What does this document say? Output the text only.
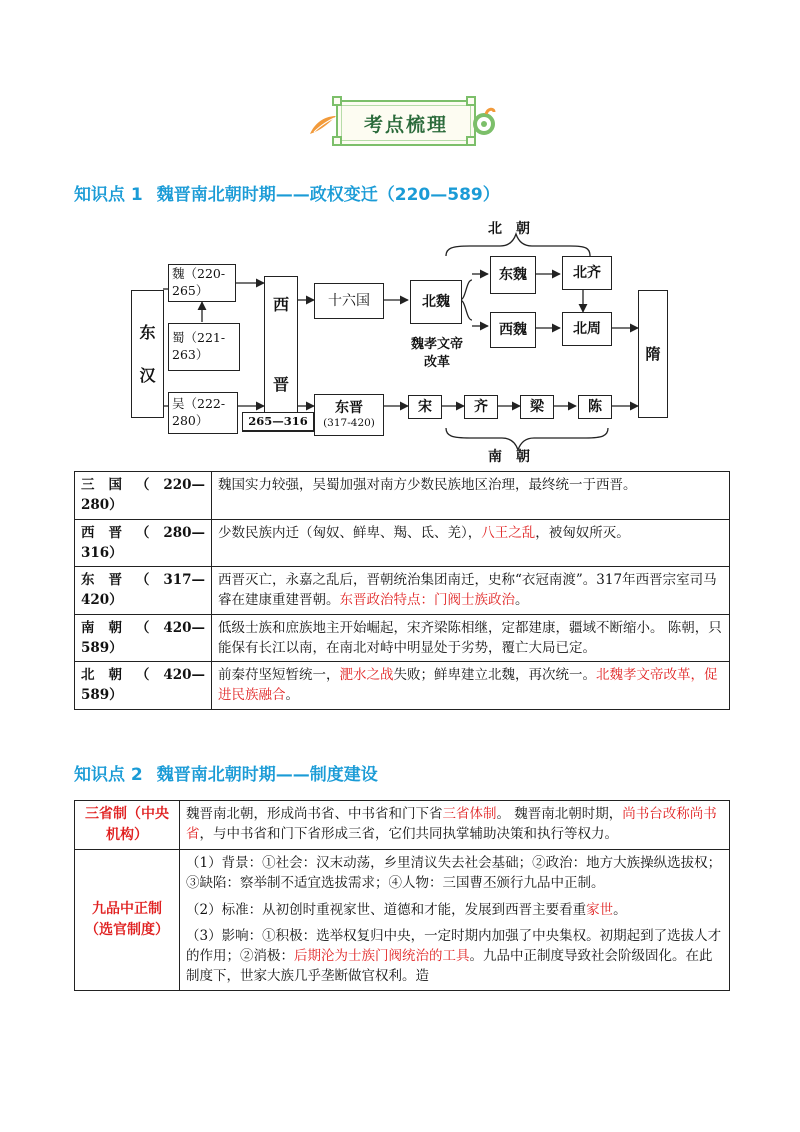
考点梳理
知识点 1 魏晋南北朝时期——政权变迁（220—589）
北朝
南朝
东

汉
魏（220-
265）
蜀（221-
263）
吴（222-
280）
西

晋
265—316
十六国	北魏
魏孝文帝
改革
东晋
(317-420)
东魏	北齐
西魏	北周
宋	齐	梁	陈
隋
三 国 （ 220—
280）	魏国实力较强，吴蜀加强对南方少数民族地区治理，最终统一于西晋。

西 晋 （ 280—
316）	少数民族内迁（匈奴、鲜卑、羯、氐、羌），八王之乱，被匈奴所灭。

东 晋 （ 317—
420）	西晋灭亡，永嘉之乱后，晋朝统治集团南迁，史称“衣冠南渡”。317年西晋宗室司马睿在建康重建晋朝。东晋政治特点：门阀士族政治。

南 朝 （ 420—
589）	低级士族和庶族地主开始崛起，宋齐梁陈相继，定都建康，疆域不断缩小。 陈朝，只能保有长江以南，在南北对峙中明显处于劣势，覆亡大局已定。

北 朝 （ 420—
589）	前秦苻坚短暂统一，淝水之战失败；鲜卑建立北魏，再次统一。北魏孝文帝改革，促进民族融合。
知识点 2 魏晋南北朝时期——制度建设
三省制（中央机构）	魏晋南北朝，形成尚书省、中书省和门下省三省体制。 魏晋南北朝时期，尚书台改称尚书省，与中书省和门下省形成三省，它们共同执掌辅助决策和执行等权力。

九品中正制（选官制度）	（1）背景：①社会：汉末动荡，乡里清议失去社会基础；②政治：地方大族操纵选拔权；③缺陷：察举制不适宜选拔需求；④人物：三国曹丕颁行九品中正制。

（2）标准：从初创时重视家世、道德和才能，发展到西晋主要看重家世。

（3）影响：①积极：选举权复归中央，一定时期内加强了中央集权。初期起到了选拔人才的作用；②消极：后期沦为士族门阀统治的工具。九品中正制度导致社会阶级固化。在此制度下，世家大族几乎垄断做官权利。造
